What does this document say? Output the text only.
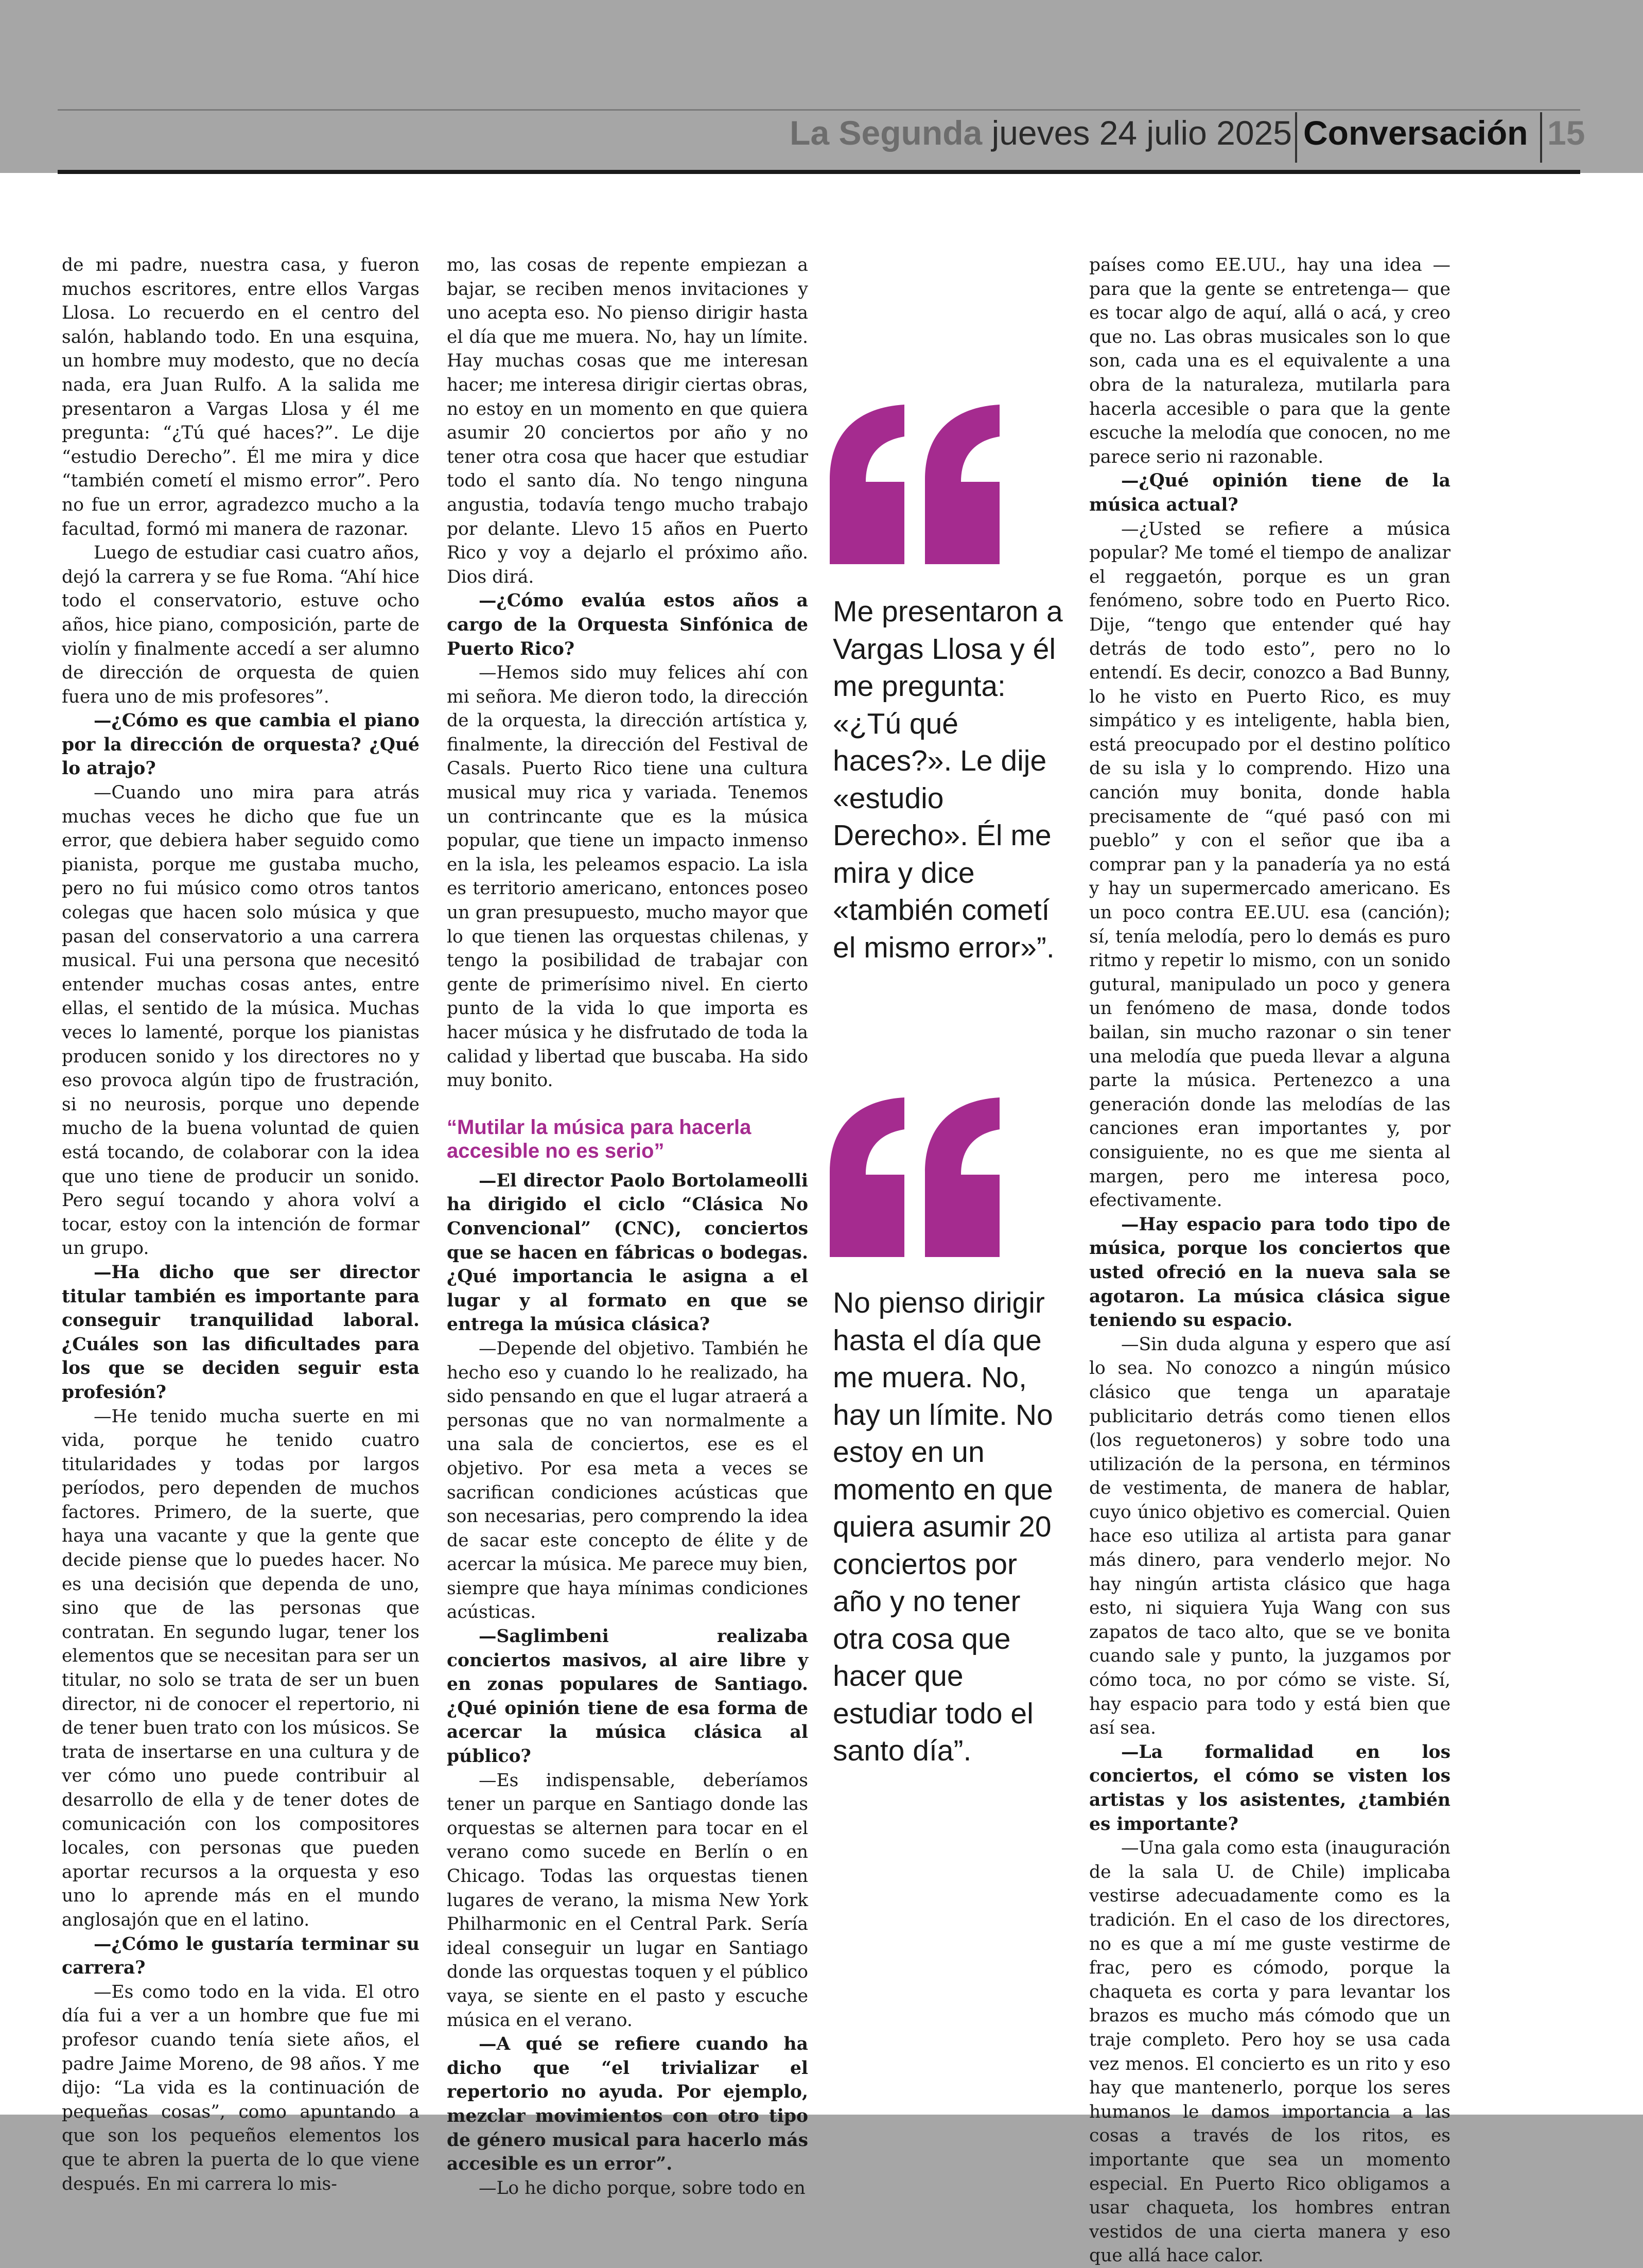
La Segunda jueves 24 julio 2025 Conversación 15

de mi padre, nuestra casa, y fueron muchos escritores, entre ellos Vargas Llosa. Lo recuerdo en el centro del salón, hablando todo. En una esquina, un hombre muy modesto, que no decía nada, era Juan Rulfo. A la salida me presentaron a Vargas Llosa y él me pregunta: “¿Tú qué haces?”. Le dije “estudio Derecho”. Él me mira y dice “también cometí el mismo error”. Pero no fue un error, agradezco mucho a la facultad, formó mi manera de razonar.

Luego de estudiar casi cuatro años, dejó la carrera y se fue Roma. “Ahí hice todo el conservatorio, estuve ocho años, hice piano, composición, parte de violín y finalmente accedí a ser alumno de dirección de orquesta de quien fuera uno de mis profesores”.

—¿Cómo es que cambia el piano por la dirección de orquesta? ¿Qué lo atrajo?

—Cuando uno mira para atrás muchas veces he dicho que fue un error, que debiera haber seguido como pianista, porque me gustaba mucho, pero no fui músico como otros tantos colegas que hacen solo música y que pasan del conservatorio a una carrera musical. Fui una persona que necesitó entender muchas cosas antes, entre ellas, el sentido de la música. Muchas veces lo lamenté, porque los pianistas producen sonido y los directores no y eso provoca algún tipo de frustración, si no neurosis, porque uno depende mucho de la buena voluntad de quien está tocando, de colaborar con la idea que uno tiene de producir un sonido. Pero seguí tocando y ahora volví a tocar, estoy con la intención de formar un grupo.

—Ha dicho que ser director titular también es importante para conseguir tranquilidad laboral. ¿Cuáles son las dificultades para los que se deciden seguir esta profesión?

—He tenido mucha suerte en mi vida, porque he tenido cuatro titularidades y todas por largos períodos, pero dependen de muchos factores. Primero, de la suerte, que haya una vacante y que la gente que decide piense que lo puedes hacer. No es una decisión que dependa de uno, sino que de las personas que contratan. En segundo lugar, tener los elementos que se necesitan para ser un titular, no solo se trata de ser un buen director, ni de conocer el repertorio, ni de tener buen trato con los músicos. Se trata de insertarse en una cultura y de ver cómo uno puede contribuir al desarrollo de ella y de tener dotes de comunicación con los compositores locales, con personas que pueden aportar recursos a la orquesta y eso uno lo aprende más en el mundo anglosajón que en el latino.

—¿Cómo le gustaría terminar su carrera?

—Es como todo en la vida. El otro día fui a ver a un hombre que fue mi profesor cuando tenía siete años, el padre Jaime Moreno, de 98 años. Y me dijo: “La vida es la continuación de pequeñas cosas”, como apuntando a que son los pequeños elementos los que te abren la puerta de lo que viene después. En mi carrera lo mis-

mo, las cosas de repente empiezan a bajar, se reciben menos invitaciones y uno acepta eso. No pienso dirigir hasta el día que me muera. No, hay un límite. Hay muchas cosas que me interesan hacer; me interesa dirigir ciertas obras, no estoy en un momento en que quiera asumir 20 conciertos por año y no tener otra cosa que hacer que estudiar todo el santo día. No tengo ninguna angustia, todavía tengo mucho trabajo por delante. Llevo 15 años en Puerto Rico y voy a dejarlo el próximo año. Dios dirá.

—¿Cómo evalúa estos años a cargo de la Orquesta Sinfónica de Puerto Rico?

—Hemos sido muy felices ahí con mi señora. Me dieron todo, la dirección de la orquesta, la dirección artística y, finalmente, la dirección del Festival de Casals. Puerto Rico tiene una cultura musical muy rica y variada. Tenemos un contrincante que es la música popular, que tiene un impacto inmenso en la isla, les peleamos espacio. La isla es territorio americano, entonces poseo un gran presupuesto, mucho mayor que lo que tienen las orquestas chilenas, y tengo la posibilidad de trabajar con gente de primerísimo nivel. En cierto punto de la vida lo que importa es hacer música y he disfrutado de toda la calidad y libertad que buscaba. Ha sido muy bonito.

“Mutilar la música para hacerla accesible no es serio”

—El director Paolo Bortolameolli ha dirigido el ciclo “Clásica No Convencional” (CNC), conciertos que se hacen en fábricas o bodegas. ¿Qué importancia le asigna a el lugar y al formato en que se entrega la música clásica?

—Depende del objetivo. También he hecho eso y cuando lo he realizado, ha sido pensando en que el lugar atraerá a personas que no van normalmente a una sala de conciertos, ese es el objetivo. Por esa meta a veces se sacrifican condiciones acústicas que son necesarias, pero comprendo la idea de sacar este concepto de élite y de acercar la música. Me parece muy bien, siempre que haya mínimas condiciones acústicas.

—Saglimbeni realizaba conciertos masivos, al aire libre y en zonas populares de Santiago. ¿Qué opinión tiene de esa forma de acercar la música clásica al público?

—Es indispensable, deberíamos tener un parque en Santiago donde las orquestas se alternen para tocar en el verano como sucede en Berlín o en Chicago. Todas las orquestas tienen lugares de verano, la misma New York Philharmonic en el Central Park. Sería ideal conseguir un lugar en Santiago donde las orquestas toquen y el público vaya, se siente en el pasto y escuche música en el verano.

—A qué se refiere cuando ha dicho que “el trivializar el repertorio no ayuda. Por ejemplo, mezclar movimientos con otro tipo de género musical para hacerlo más accesible es un error”.

—Lo he dicho porque, sobre todo en

países como EE.UU., hay una idea —para que la gente se entretenga— que es tocar algo de aquí, allá o acá, y creo que no. Las obras musicales son lo que son, cada una es el equivalente a una obra de la naturaleza, mutilarla para hacerla accesible o para que la gente escuche la melodía que conocen, no me parece serio ni razonable.

—¿Qué opinión tiene de la música actual?

—¿Usted se refiere a música popular? Me tomé el tiempo de analizar el reggaetón, porque es un gran fenómeno, sobre todo en Puerto Rico. Dije, “tengo que entender qué hay detrás de todo esto”, pero no lo entendí. Es decir, conozco a Bad Bunny, lo he visto en Puerto Rico, es muy simpático y es inteligente, habla bien, está preocupado por el destino político de su isla y lo comprendo. Hizo una canción muy bonita, donde habla precisamente de “qué pasó con mi pueblo” y con el señor que iba a comprar pan y la panadería ya no está y hay un supermercado americano. Es un poco contra EE.UU. esa (canción); sí, tenía melodía, pero lo demás es puro ritmo y repetir lo mismo, con un sonido gutural, manipulado un poco y genera un fenómeno de masa, donde todos bailan, sin mucho razonar o sin tener una melodía que pueda llevar a alguna parte la música. Pertenezco a una generación donde las melodías de las canciones eran importantes y, por consiguiente, no es que me sienta al margen, pero me interesa poco, efectivamente.

—Hay espacio para todo tipo de música, porque los conciertos que usted ofreció en la nueva sala se agotaron. La música clásica sigue teniendo su espacio.

—Sin duda alguna y espero que así lo sea. No conozco a ningún músico clásico que tenga un aparataje publicitario detrás como tienen ellos (los reguetoneros) y sobre todo una utilización de la persona, en términos de vestimenta, de manera de hablar, cuyo único objetivo es comercial. Quien hace eso utiliza al artista para ganar más dinero, para venderlo mejor. No hay ningún artista clásico que haga esto, ni siquiera Yuja Wang con sus zapatos de taco alto, que se ve bonita cuando sale y punto, la juzgamos por cómo toca, no por cómo se viste. Sí, hay espacio para todo y está bien que así sea.

—La formalidad en los conciertos, el cómo se visten los artistas y los asistentes, ¿también es importante?

—Una gala como esta (inauguración de la sala U. de Chile) implicaba vestirse adecuadamente como es la tradición. En el caso de los directores, no es que a mí me guste vestirme de frac, pero es cómodo, porque la chaqueta es corta y para levantar los brazos es mucho más cómodo que un traje completo. Pero hoy se usa cada vez menos. El concierto es un rito y eso hay que mantenerlo, porque los seres humanos le damos importancia a las cosas a través de los ritos, es importante que sea un momento especial. En Puerto Rico obligamos a usar chaqueta, los hombres entran vestidos de una cierta manera y eso que allá hace calor.

Me presentaron a Vargas Llosa y él me pregunta: «¿Tú qué haces?». Le dije «estudio Derecho». Él me mira y dice «también cometí el mismo error»”.
No pienso dirigir hasta el día que me muera. No, hay un límite. No estoy en un momento en que quiera asumir 20 conciertos por año y no tener otra cosa que hacer que estudiar todo el santo día”.
